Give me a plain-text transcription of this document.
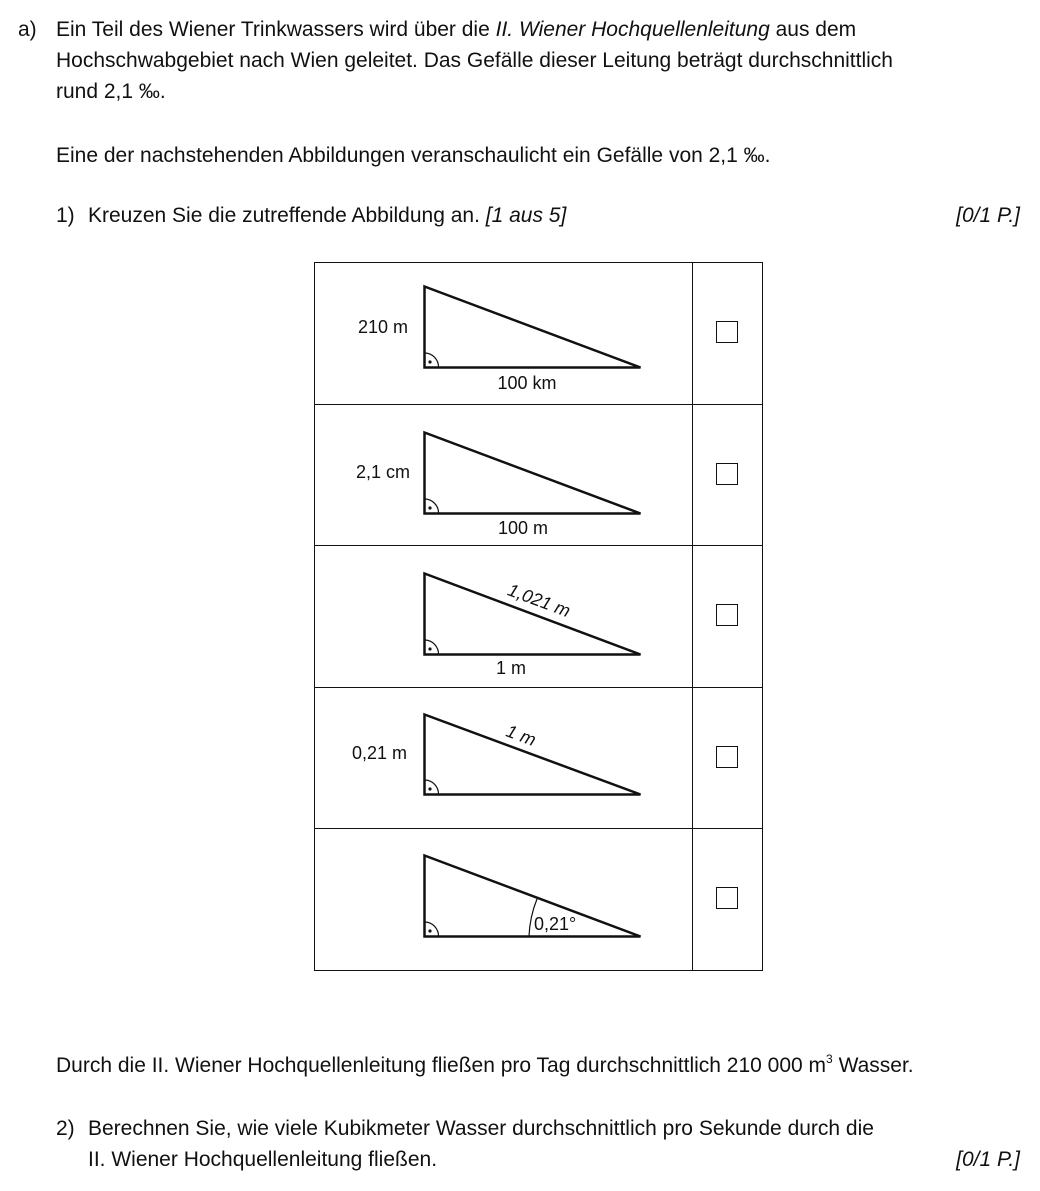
a) Ein Teil des Wiener Trinkwassers wird über die II. Wiener Hochquellenleitung aus dem
Hochschwabgebiet nach Wien geleitet. Das Gefälle dieser Leitung beträgt durchschnittlich
rund 2,1 ‰.
Eine der nachstehenden Abbildungen veranschaulicht ein Gefälle von 2,1 ‰.
1) Kreuzen Sie die zutreffende Abbildung an. [1 aus 5]	[0/1 P.]
210 m
100 km
2,1 cm
100 m
1,021 m
1 m
0,21 m
1 m
0,21°
Durch die II. Wiener Hochquellenleitung fließen pro Tag durchschnittlich 210 000 $m^3$ Wasser.
2) Berechnen Sie, wie viele Kubikmeter Wasser durchschnittlich pro Sekunde durch die
II. Wiener Hochquellenleitung fließen.	[0/1 P.]
